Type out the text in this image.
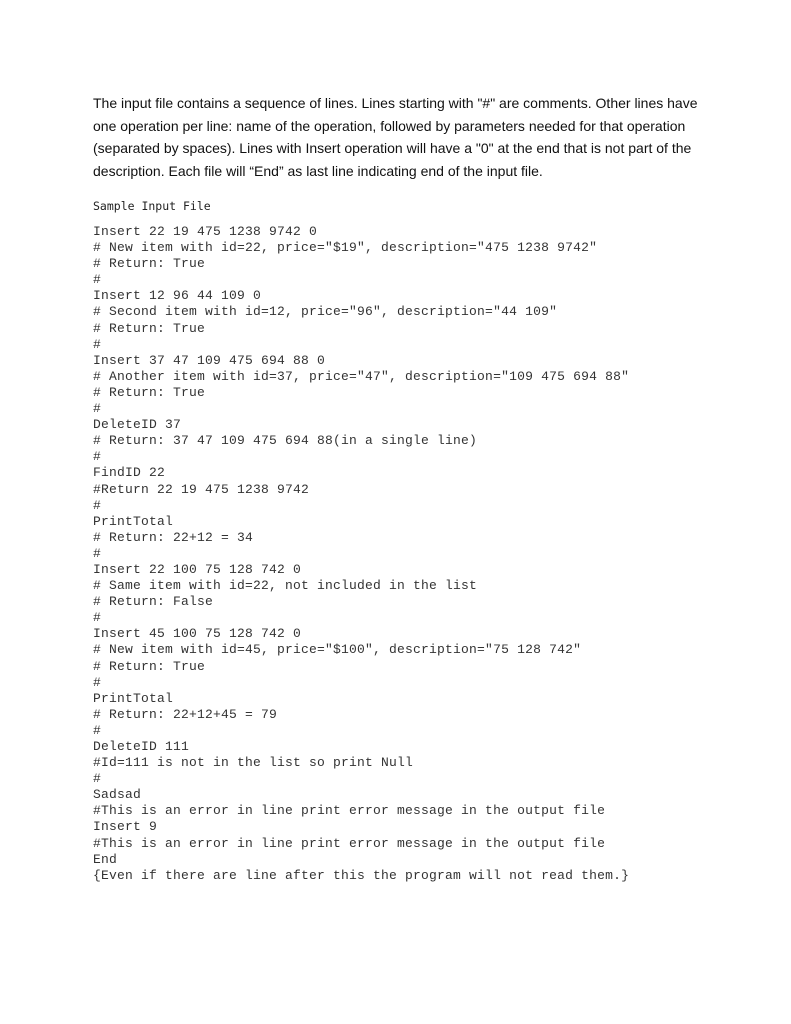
The input file contains a sequence of lines. Lines starting with "#" are comments. Other lines have one operation per line: name of the operation, followed by parameters needed for that operation (separated by spaces). Lines with Insert operation will have a "0" at the end that is not part of the description. Each file will “End” as last line indicating end of the input file.

Sample Input File
Insert 22 19 475 1238 9742 0
# New item with id=22, price="$19", description="475 1238 9742"
# Return: True
#
Insert 12 96 44 109 0
# Second item with id=12, price="96", description="44 109"
# Return: True
#
Insert 37 47 109 475 694 88 0
# Another item with id=37, price="47", description="109 475 694 88"
# Return: True
#
DeleteID 37
# Return: 37 47 109 475 694 88(in a single line)
#
FindID 22
#Return 22 19 475 1238 9742
#
PrintTotal
# Return: 22+12 = 34
#
Insert 22 100 75 128 742 0
# Same item with id=22, not included in the list
# Return: False
#
Insert 45 100 75 128 742 0
# New item with id=45, price="$100", description="75 128 742"
# Return: True
#
PrintTotal
# Return: 22+12+45 = 79
#
DeleteID 111
#Id=111 is not in the list so print Null
#
Sadsad
#This is an error in line print error message in the output file
Insert 9
#This is an error in line print error message in the output file
End
{Even if there are line after this the program will not read them.}
